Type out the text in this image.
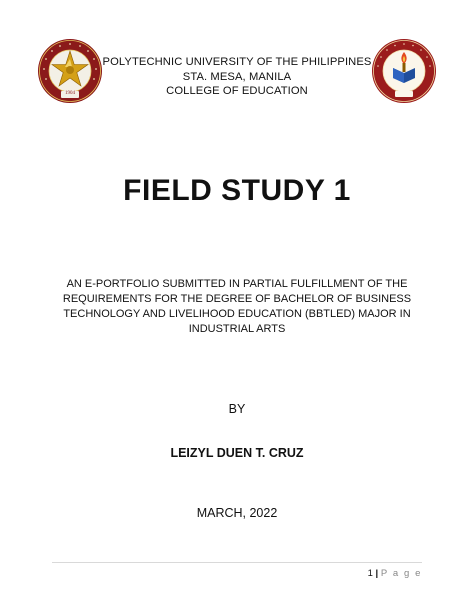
1904
POLYTECHNIC UNIVERSITY OF THE PHILIPPINES
STA. MESA, MANILA
COLLEGE OF EDUCATION
FIELD STUDY 1
AN E-PORTFOLIO SUBMITTED IN PARTIAL FULFILLMENT OF THE REQUIREMENTS FOR THE DEGREE OF BACHELOR OF BUSINESS TECHNOLOGY AND LIVELIHOOD EDUCATION (BBTLED) MAJOR IN INDUSTRIAL ARTS
BY
LEIZYL DUEN T. CRUZ
MARCH, 2022
1 | P a g e
